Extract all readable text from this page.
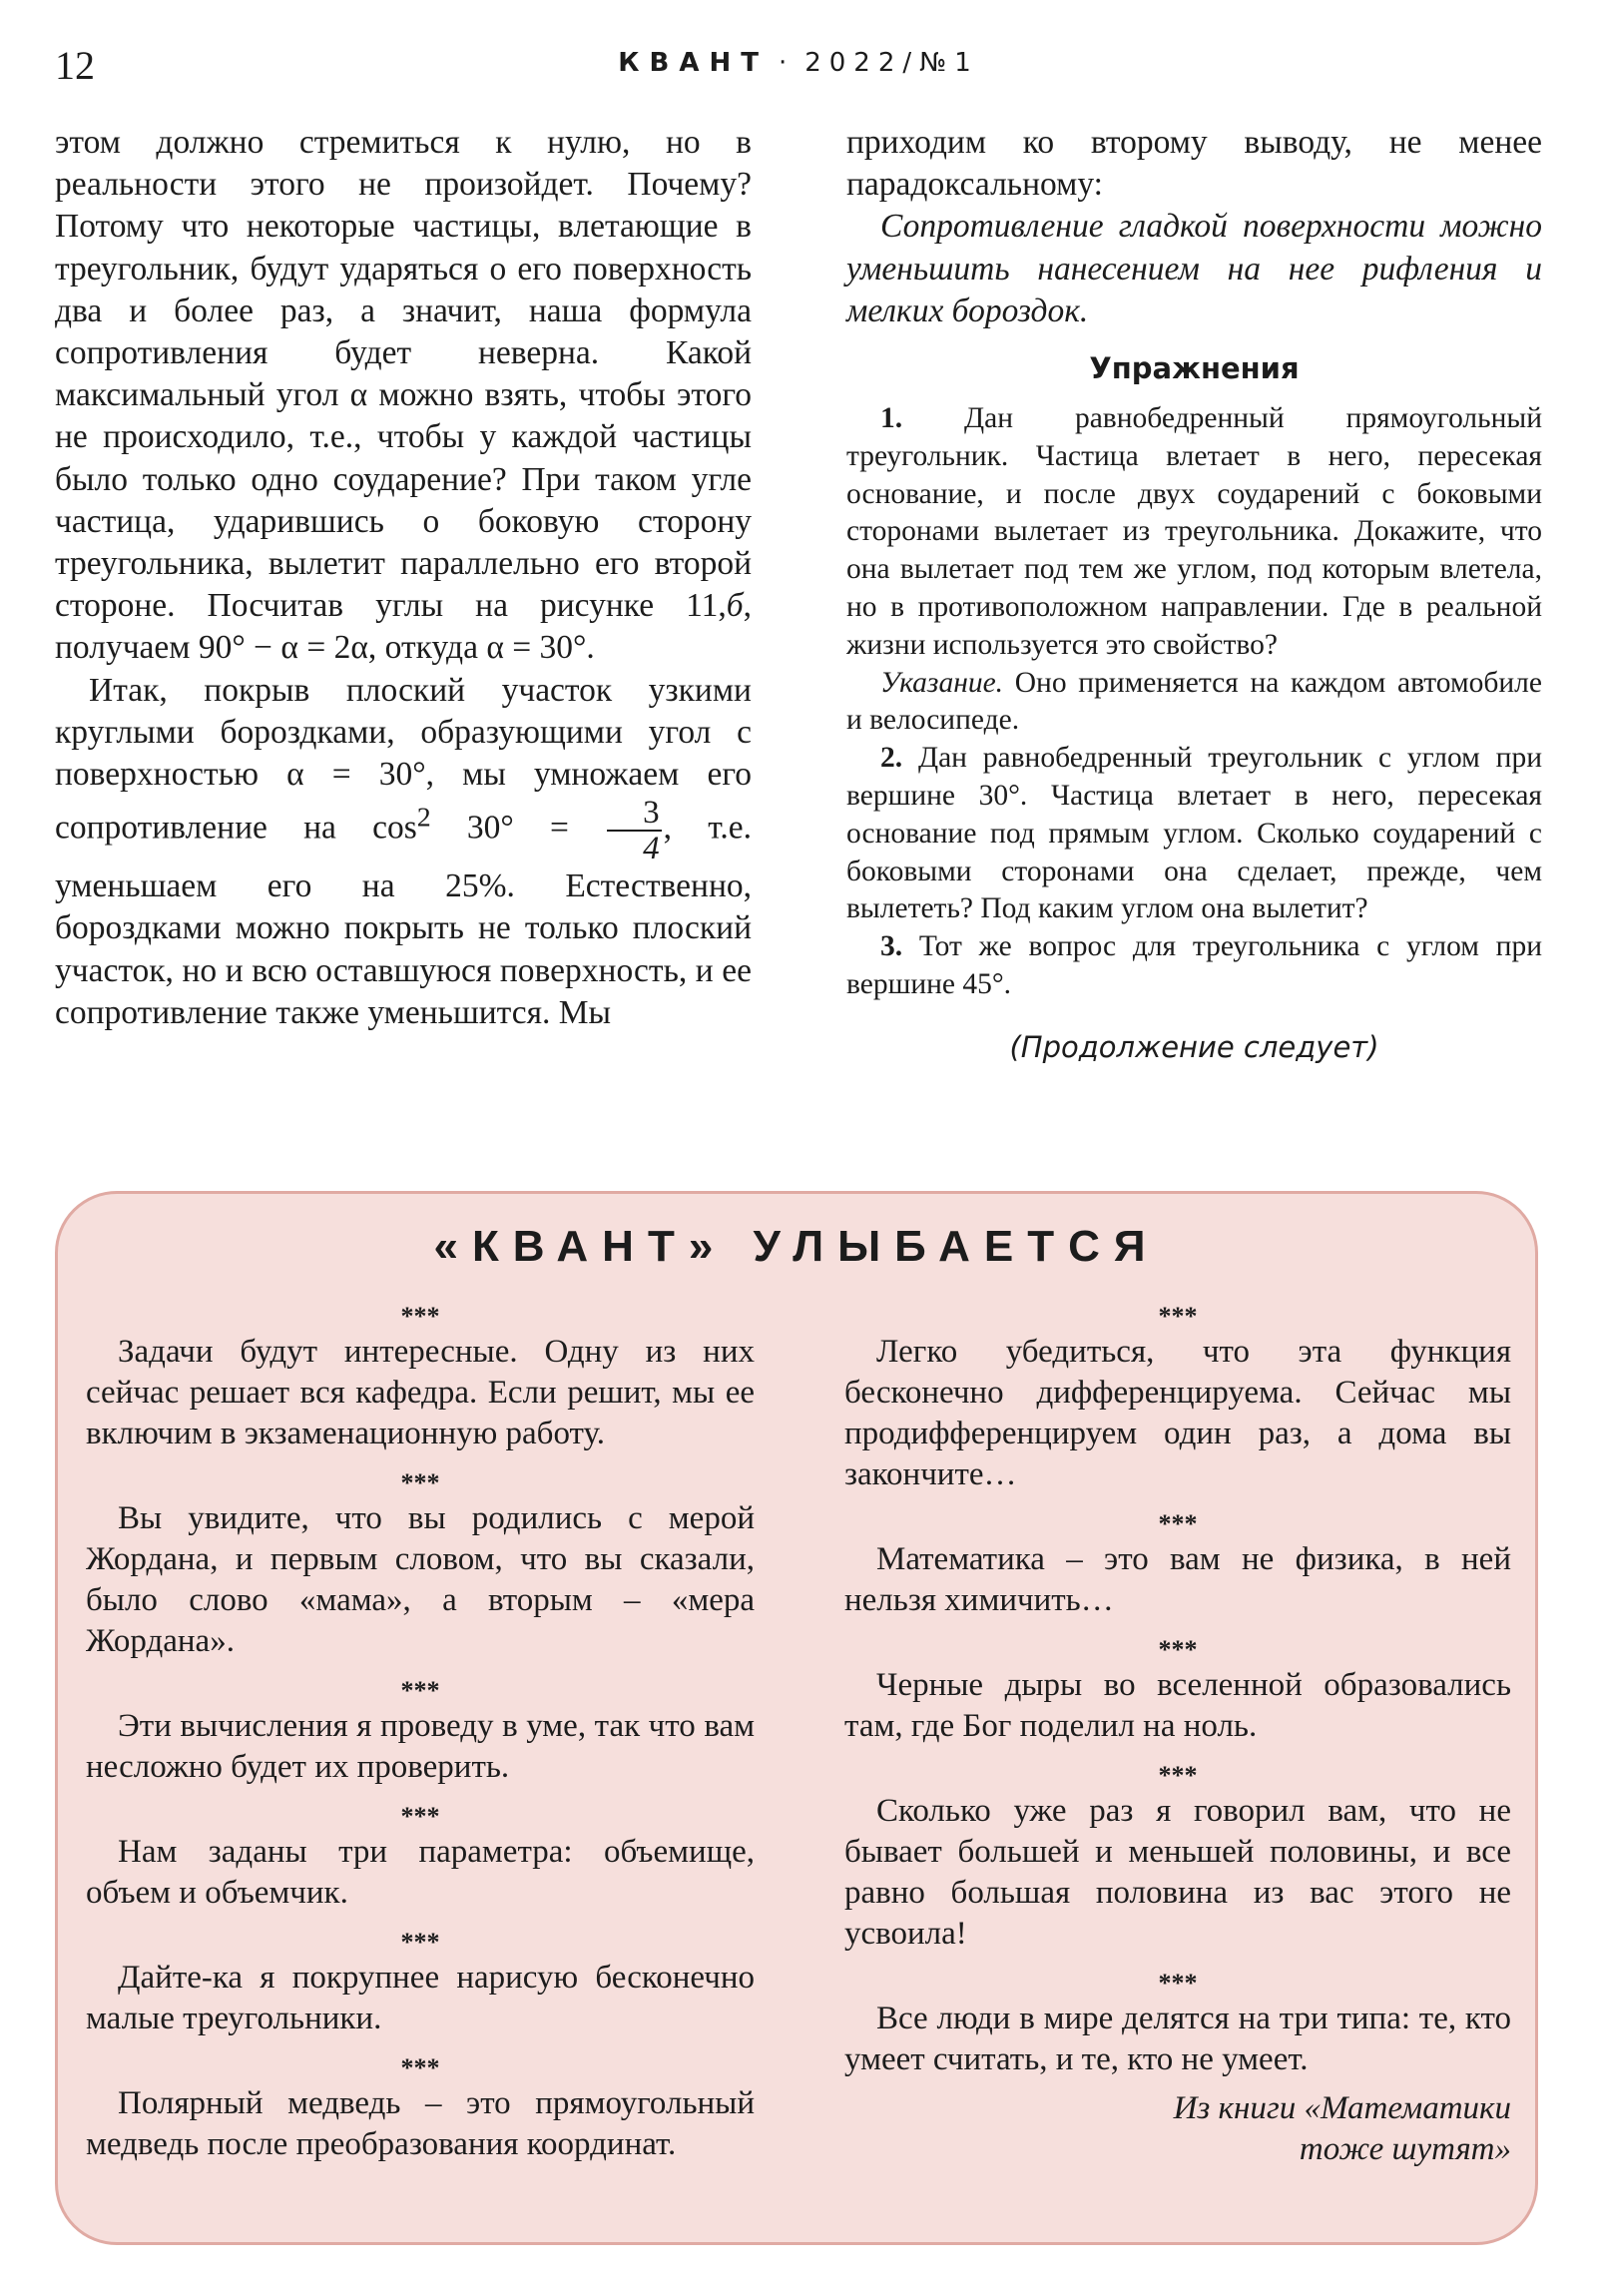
12	КВАНТ · 2022/№1

этом должно стремиться к нулю, но в реальности этого не произойдет. Почему? Потому что некоторые частицы, влетающие в треугольник, будут ударяться о его поверхность два и более раз, а значит, наша формула сопротивления будет неверна. Какой максимальный угол α можно взять, чтобы этого не происходило, т.е., чтобы у каждой частицы было только одно соударение? При таком угле частица, ударившись о боковую сторону треугольника, вылетит параллельно его второй стороне. Посчитав углы на рисунке 11,б, получаем 90° − α = 2α, откуда α = 30°.

Итак, покрыв плоский участок узкими круглыми бороздками, образующими угол с поверхностью α = 30°, мы умножаем его сопротивление на $\cos^2 30^\circ = \frac{3}{4}$ , т.е. уменьшаем его на 25%. Естественно, бороздками можно покрыть не только плоский участок, но и всю оставшуюся поверхность, и ее сопротивление также уменьшится. Мы

приходим ко второму выводу, не менее парадоксальному:

Сопротивление гладкой поверхности можно уменьшить нанесением на нее рифления и мелких бороздок.

Упражнения

1. Дан равнобедренный прямоугольный треугольник. Частица влетает в него, пересекая основание, и после двух соударений с боковыми сторонами вылетает из треугольника. Докажите, что она вылетает под тем же углом, под которым влетела, но в противоположном направлении. Где в реальной жизни используется это свойство?

Указание. Оно применяется на каждом автомобиле и велосипеде.

2. Дан равнобедренный треугольник с углом при вершине 30°. Частица влетает в него, пересекая основание под прямым углом. Сколько соударений с боковыми сторонами она сделает, прежде, чем вылететь? Под каким углом она вылетит?

3. Тот же вопрос для треугольника с углом при вершине 45°.

(Продолжение следует)
«КВАНТ» УЛЫБАЕТСЯ
***

Задачи будут интересные. Одну из них сейчас решает вся кафедра. Если решит, мы ее включим в экзаменационную работу.

***

Вы увидите, что вы родились с мерой Жордана, и первым словом, что вы сказали, было слово «мама», а вторым – «мера Жордана».

***

Эти вычисления я проведу в уме, так что вам несложно будет их проверить.

***

Нам заданы три параметра: объемище, объем и объемчик.

***

Дайте-ка я покрупнее нарисую бесконечно малые треугольники.

***

Полярный медведь – это прямоугольный медведь после преобразования координат.

***

Легко убедиться, что эта функция бесконечно дифференцируема. Сейчас мы продифференцируем один раз, а дома вы закончите…

***

Математика – это вам не физика, в ней нельзя химичить…

***

Черные дыры во вселенной образовались там, где Бог поделил на ноль.

***

Сколько уже раз я говорил вам, что не бывает большей и меньшей половины, и все равно большая половина из вас этого не усвоила!

***

Все люди в мире делятся на три типа: те, кто умеет считать, и те, кто не умеет.

Из книги «Математики
тоже шутят»
